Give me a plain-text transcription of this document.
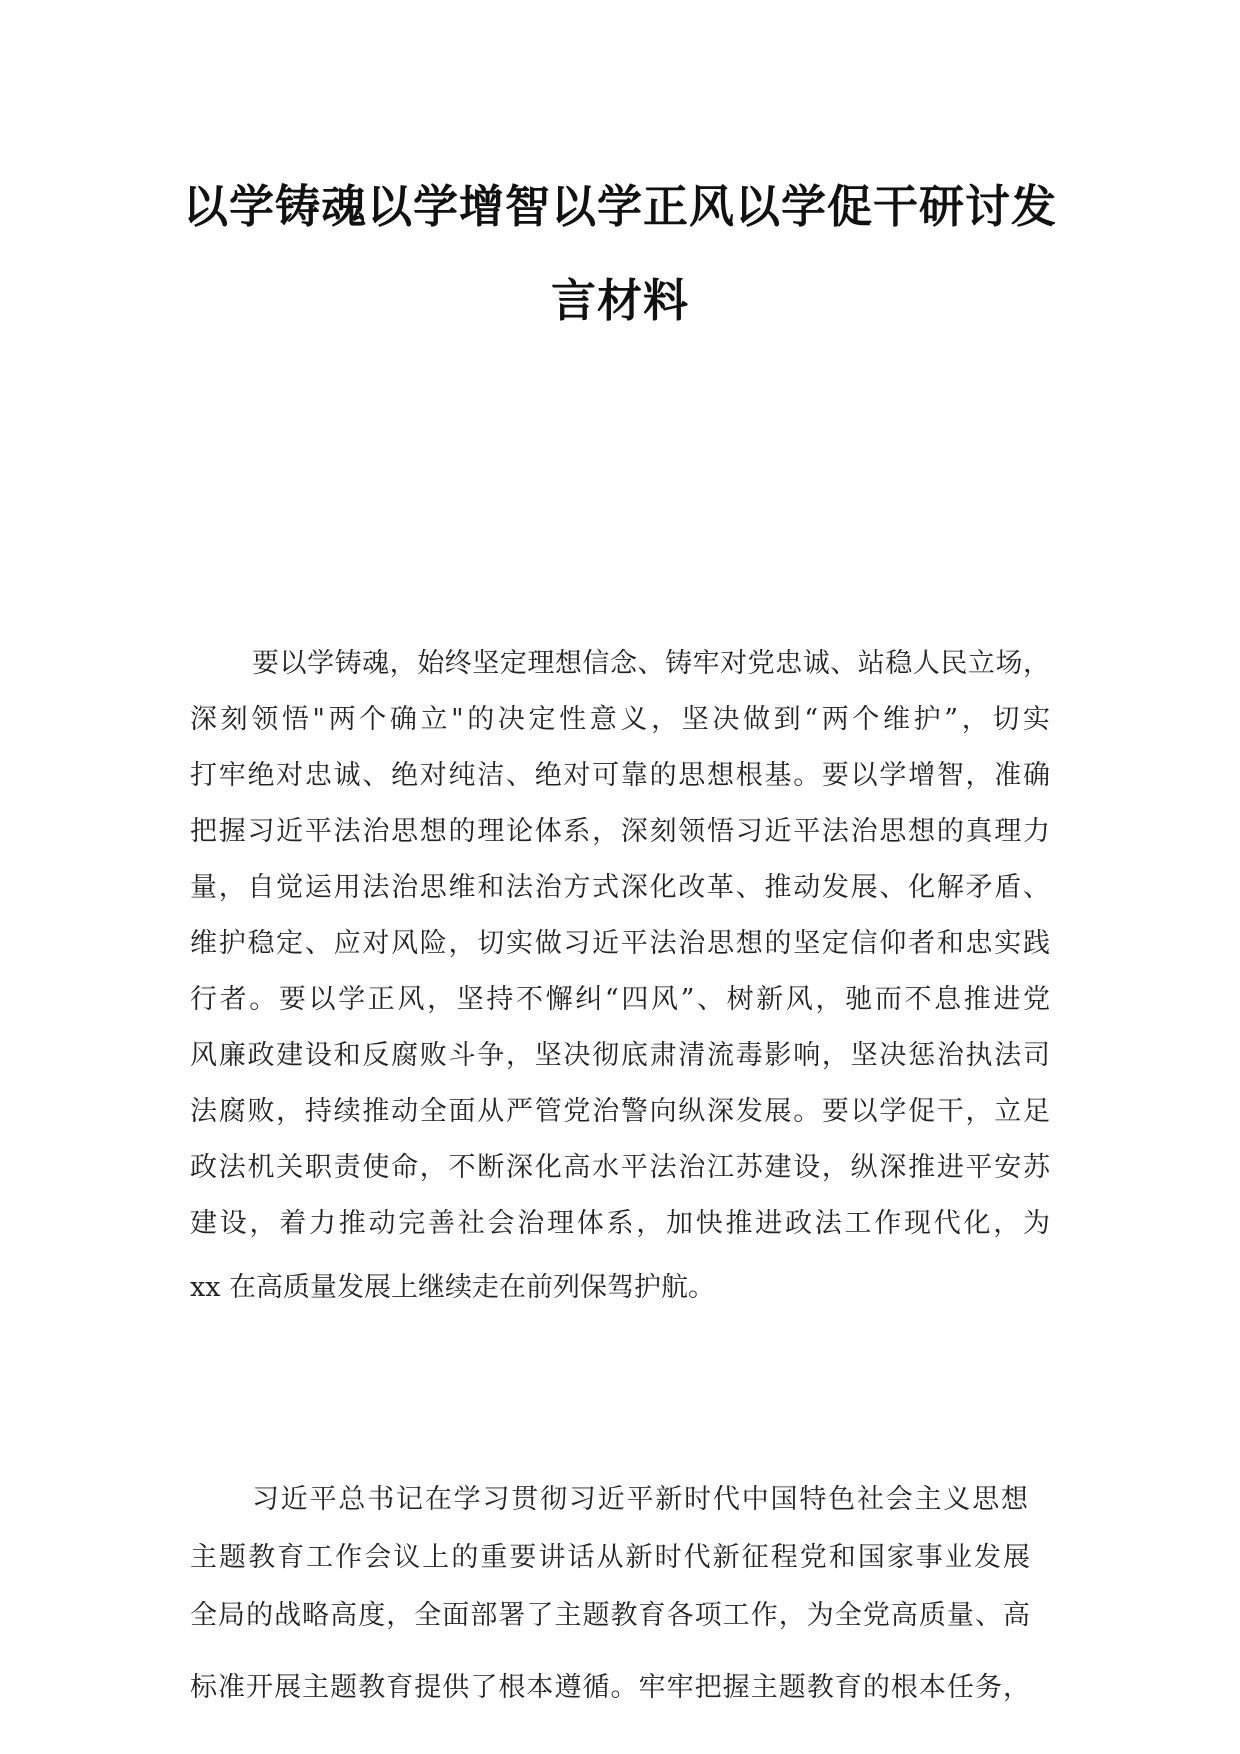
以学铸魂以学增智以学正风以学促干研讨发
言材料
要以学铸魂，始终坚定理想信念、铸牢对党忠诚、站稳人民立场，
深刻领悟"两个确立"的决定性意义，坚决做到“两个维护”，切实
打牢绝对忠诚、绝对纯洁、绝对可靠的思想根基。要以学增智，准确
把握习近平法治思想的理论体系，深刻领悟习近平法治思想的真理力
量，自觉运用法治思维和法治方式深化改革、推动发展、化解矛盾、
维护稳定、应对风险，切实做习近平法治思想的坚定信仰者和忠实践
行者。要以学正风，坚持不懈纠“四风”、树新风，驰而不息推进党
风廉政建设和反腐败斗争，坚决彻底肃清流毒影响，坚决惩治执法司
法腐败，持续推动全面从严管党治警向纵深发展。要以学促干，立足
政法机关职责使命，不断深化高水平法治江苏建设，纵深推进平安苏
建设，着力推动完善社会治理体系，加快推进政法工作现代化，为
xx 在高质量发展上继续走在前列保驾护航。
习近平总书记在学习贯彻习近平新时代中国特色社会主义思想
主题教育工作会议上的重要讲话从新时代新征程党和国家事业发展
全局的战略高度，全面部署了主题教育各项工作，为全党高质量、高
标准开展主题教育提供了根本遵循。牢牢把握主题教育的根本任务，
